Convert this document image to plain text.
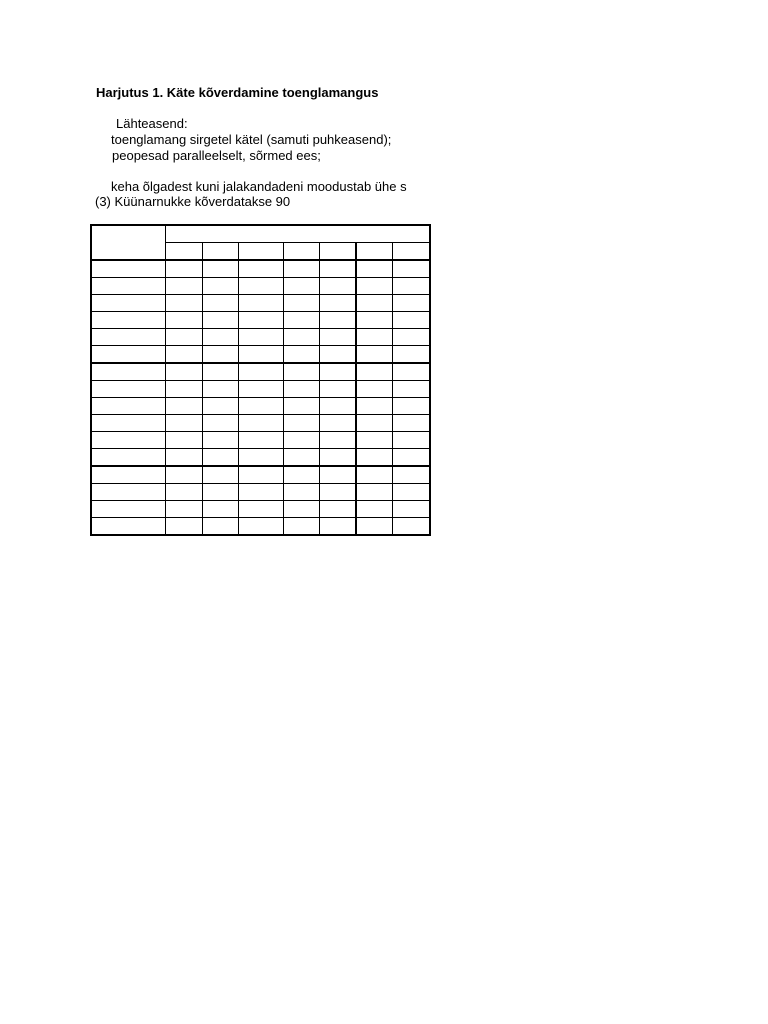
Harjutus 1. Käte kõverdamine toenglamangus
Lähteasend:
toenglamang sirgetel kätel (samuti puhkeasend);
peopesad paralleelselt, sõrmed ees;
keha õlgadest kuni jalakandadeni moodustab ühe s
(3) Küünarnukke kõverdatakse 90
